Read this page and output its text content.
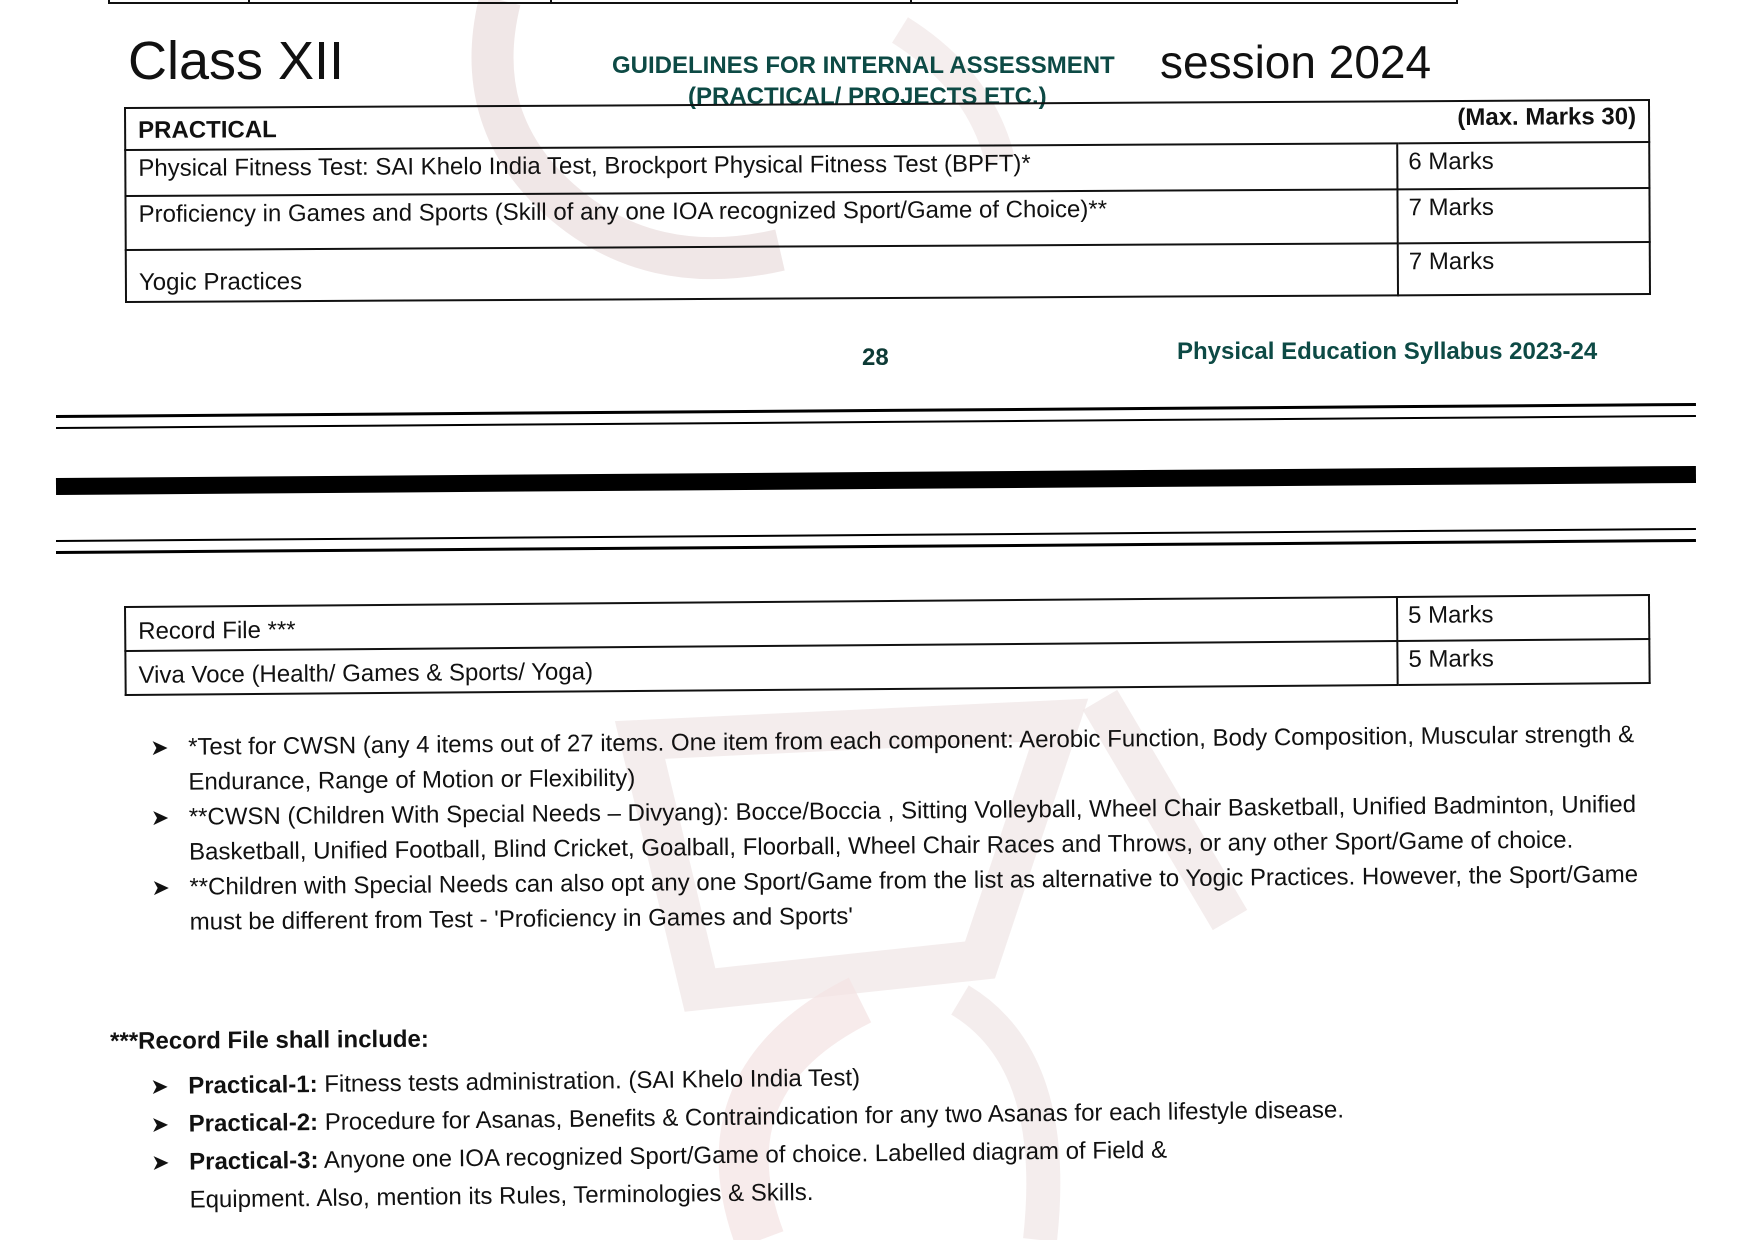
Class XII	GUIDELINES FOR INTERNAL ASSESSMENT
(PRACTICAL/ PROJECTS ETC.)
session 2024
PRACTICAL	(Max. Marks 30)
Physical Fitness Test: SAI Khelo India Test, Brockport Physical Fitness Test (BPFT)*	6 Marks
Proficiency in Games and Sports (Skill of any one IOA recognized Sport/Game of Choice)**	7 Marks
Yogic Practices	7 Marks
28	Physical Education Syllabus 2023-24
Record File ***	5 Marks
Viva Voce (Health/ Games & Sports/ Yoga)	5 Marks
➤ *Test for CWSN (any 4 items out of 27 items. One item from each component: Aerobic Function, Body Composition, Muscular strength & Endurance, Range of Motion or Flexibility)
➤ **CWSN (Children With Special Needs – Divyang): Bocce/Boccia , Sitting Volleyball, Wheel Chair Basketball, Unified Badminton, Unified Basketball, Unified Football, Blind Cricket, Goalball, Floorball, Wheel Chair Races and Throws, or any other Sport/Game of choice.
➤ **Children with Special Needs can also opt any one Sport/Game from the list as alternative to Yogic Practices. However, the Sport/Game must be different from Test - 'Proficiency in Games and Sports'
***Record File shall include:
➤ Practical-1: Fitness tests administration. (SAI Khelo India Test)
➤ Practical-2: Procedure for Asanas, Benefits & Contraindication for any two Asanas for each lifestyle disease.
➤ Practical-3: Anyone one IOA recognized Sport/Game of choice. Labelled diagram of Field & Equipment. Also, mention its Rules, Terminologies & Skills.
